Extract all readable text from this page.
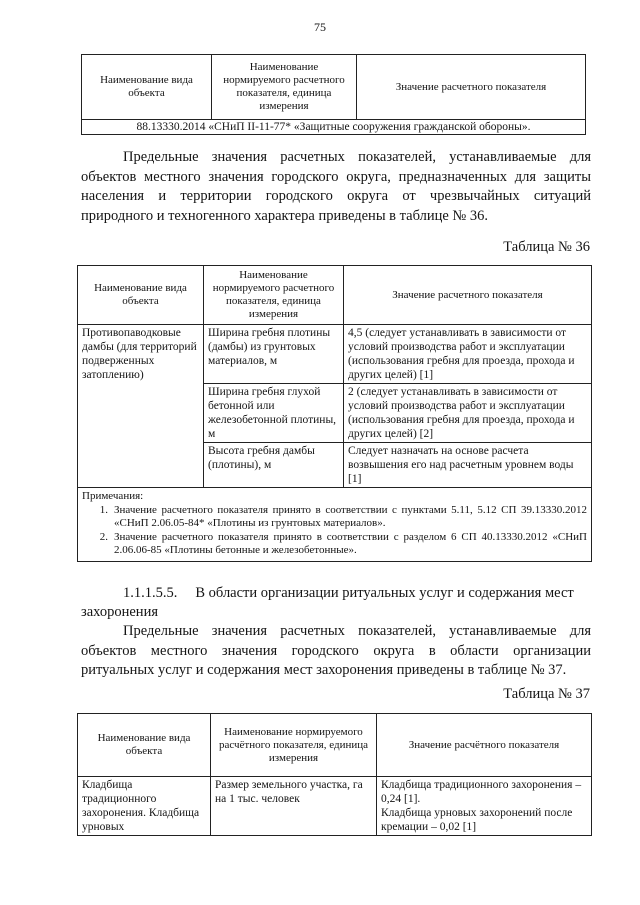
75
Наименование вида объекта	Наименование нормируемого расчетного показателя, единица измерения	Значение расчетного показателя
88.13330.2014 «СНиП II-11-77* «Защитные сооружения гражданской обороны».
Предельные значения расчетных показателей, устанавливаемые для объектов местного значения городского округа, предназначенных для защиты населения и территории городского округа от чрезвычайных ситуаций природного и техногенного характера приведены в таблице № 36.
Таблица № 36
Наименование вида объекта	Наименование нормируемого расчетного показателя, единица измерения	Значение расчетного показателя
Противопаводковые дамбы (для территорий подверженных затоплению)	Ширина гребня плотины (дамбы) из грунтовых материалов, м	4,5 (следует устанавливать в зависимости от условий производства работ и эксплуатации (использования гребня для проезда, прохода и других целей) [1]
	Ширина гребня глухой бетонной или железобетонной плотины, м	2 (следует устанавливать в зависимости от условий производства работ и эксплуатации (использования гребня для проезда, прохода и других целей) [2]
	Высота гребня дамбы (плотины), м	Следует назначать на основе расчета возвышения его над расчетным уровнем воды [1]

Примечания:
1. Значение расчетного показателя принято в соответствии с пунктами 5.11, 5.12 СП 39.13330.2012 «СНиП 2.06.05-84* «Плотины из грунтовых материалов».
2. Значение расчетного показателя принято в соответствии с разделом 6 СП 40.13330.2012 «СНиП 2.06.06-85 «Плотины бетонные и железобетонные».		
1.1.1.5.5. В области организации ритуальных услуг и содержания мест захоронения
Предельные значения расчетных показателей, устанавливаемые для объектов местного значения городского округа в области организации ритуальных услуг и содержания мест захоронения приведены в таблице № 37.
Таблица № 37
Наименование вида объекта	Наименование нормируемого расчётного показателя, единица измерения	Значение расчётного показателя
Кладбища традиционного захоронения. Кладбища урновых	Размер земельного участка, га на 1 тыс. человек	Кладбища традиционного захоронения – 0,24 [1].
Кладбища урновых захоронений после кремации – 0,02 [1]
